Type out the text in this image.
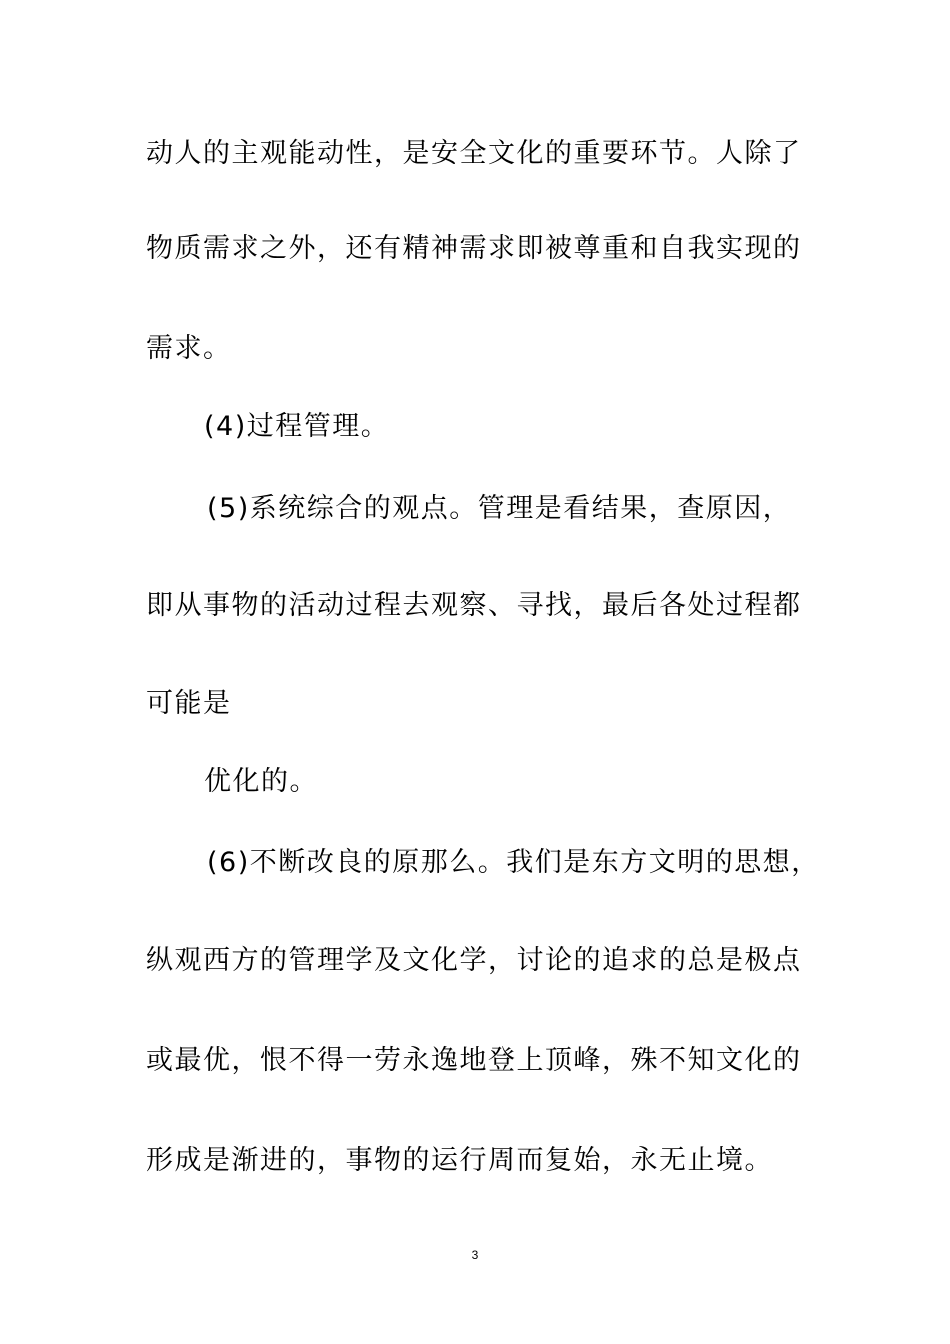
动人的主观能动性，是安全文化的重要环节。人除了
物质需求之外，还有精神需求即被尊重和自我实现的
需求。
(4)过程管理。
(5)系统综合的观点。管理是看结果，查原因，
即从事物的活动过程去观察、寻找，最后各处过程都
可能是
优化的。
(6)不断改良的原那么。我们是东方文明的思想，
纵观西方的管理学及文化学，讨论的追求的总是极点
或最优，恨不得一劳永逸地登上顶峰，殊不知文化的
形成是渐进的，事物的运行周而复始，永无止境。
3
